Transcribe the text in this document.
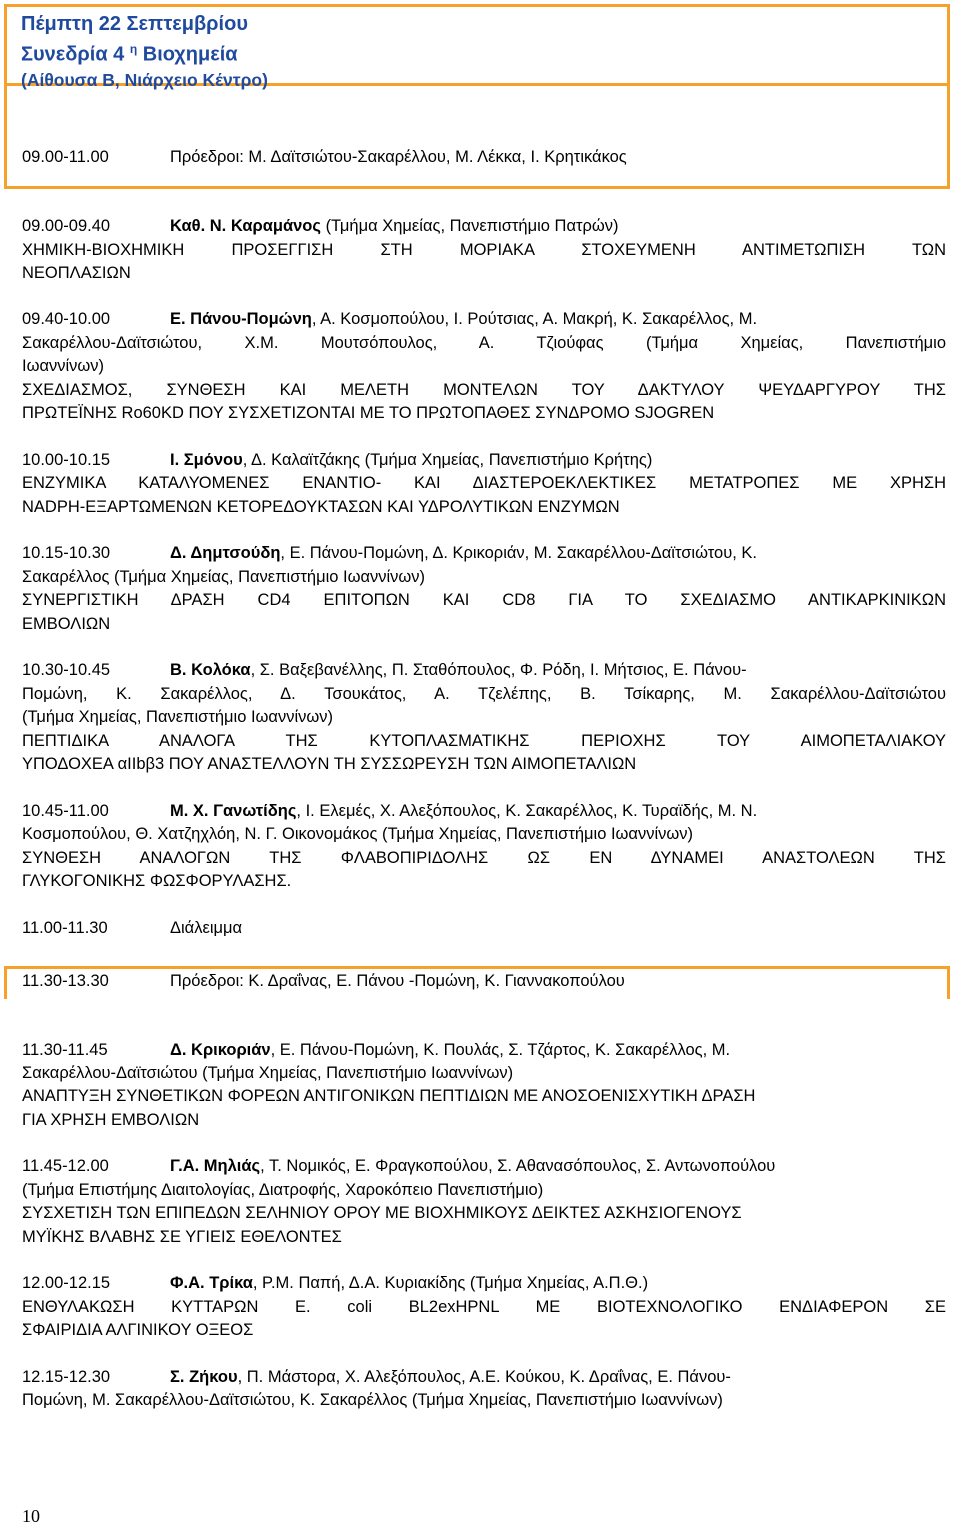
Πέμπτη 22 Σεπτεμβρίου
Συνεδρία 4 $^\eta$ Βιοχημεία
(Αίθουσα Β, Νιάρχειο Κέντρο)
09.00-11.00	Πρόεδροι: Μ. Δαϊτσιώτου-Σακαρέλλου, Μ. Λέκκα, Ι. Κρητικάκος
09.00-09.40	Καθ. Ν. Καραμάνος (Τμήμα Χημείας, Πανεπιστήμιο Πατρών)
ΧΗΜΙΚΗ-ΒΙΟΧΗΜΙΚΗ ΠΡΟΣΕΓΓΙΣΗ ΣΤΗ ΜΟΡΙΑΚΑ ΣΤΟΧΕΥΜΕΝΗ ΑΝΤΙΜΕΤΩΠΙΣΗ ΤΩΝ
ΝΕΟΠΛΑΣΙΩΝ
09.40-10.00	Ε. Πάνου-Πομώνη, Α. Κοσμοπούλου, Ι. Ρούτσιας, Α. Μακρή, Κ. Σακαρέλλος, Μ.
Σακαρέλλου-Δαϊτσιώτου, Χ.Μ. Μουτσόπουλος, Α. Τζιούφας (Τμήμα Χημείας, Πανεπιστήμιο
Ιωαννίνων)
ΣΧΕΔΙΑΣΜΟΣ, ΣΥΝΘΕΣΗ ΚΑΙ ΜΕΛΕΤΗ ΜΟΝΤΕΛΩΝ ΤΟΥ ΔΑΚΤΥΛΟΥ ΨΕΥΔΑΡΓΥΡΟΥ ΤΗΣ
ΠΡΩΤΕΪΝΗΣ Ro60KD ΠΟΥ ΣΥΣΧΕΤΙΖΟΝΤΑΙ ΜΕ ΤΟ ΠΡΩΤΟΠΑΘΕΣ ΣΥΝΔΡΟΜΟ SJOGREN
10.00-10.15	Ι. Σμόνου, Δ. Καλαϊτζάκης (Τμήμα Χημείας, Πανεπιστήμιο Κρήτης)
ΕΝΖΥΜΙΚΑ ΚΑΤΑΛΥΟΜΕΝΕΣ ΕΝΑΝΤΙΟ- ΚΑΙ ΔΙΑΣΤΕΡΟΕΚΛΕΚΤΙΚΕΣ ΜΕΤΑΤΡΟΠΕΣ ΜΕ ΧΡΗΣΗ
NADPH-ΕΞΑΡΤΩΜΕΝΩΝ ΚΕΤΟΡΕΔΟΥΚΤΑΣΩΝ ΚΑΙ ΥΔΡΟΛΥΤΙΚΩΝ ΕΝΖΥΜΩΝ
10.15-10.30	Δ. Δημτσούδη, Ε. Πάνου-Πομώνη, Δ. Κρικοριάν, Μ. Σακαρέλλου-Δαϊτσιώτου, Κ.
Σακαρέλλος (Τμήμα Χημείας, Πανεπιστήμιο Ιωαννίνων)
ΣΥΝΕΡΓΙΣΤΙΚΗ ΔΡΑΣΗ CD4 ΕΠΙΤΟΠΩΝ ΚΑΙ CD8 ΓΙΑ ΤΟ ΣΧΕΔΙΑΣΜΟ ΑΝΤΙΚΑΡΚΙΝΙΚΩΝ
ΕΜΒΟΛΙΩΝ
10.30-10.45	Β. Κολόκα, Σ. Βαξεβανέλλης, Π. Σταθόπουλος, Φ. Ρόδη, Ι. Μήτσιος, Ε. Πάνου-
Πομώνη, Κ. Σακαρέλλος, Δ. Τσουκάτος, Α. Τζελέπης, Β. Τσίκαρης, Μ. Σακαρέλλου-Δαϊτσιώτου
(Τμήμα Χημείας, Πανεπιστήμιο Ιωαννίνων)
ΠΕΠΤΙΔΙΚΑ ΑΝΑΛΟΓΑ ΤΗΣ ΚΥΤΟΠΛΑΣΜΑΤΙΚΗΣ ΠΕΡΙΟΧΗΣ ΤΟΥ ΑΙΜΟΠΕΤΑΛΙΑΚΟΥ
ΥΠΟΔΟΧΕΑ αIIbβ3 ΠΟΥ ΑΝΑΣΤΕΛΛΟΥΝ ΤΗ ΣΥΣΣΩΡΕΥΣΗ ΤΩΝ ΑΙΜΟΠΕΤΑΛΙΩΝ
10.45-11.00	Μ. Χ. Γανωτίδης, Ι. Ελεμές, Χ. Αλεξόπουλος, Κ. Σακαρέλλος, Κ. Τυραϊδής, Μ. Ν.
Κοσμοπούλου, Θ. Χατζηχλόη, Ν. Γ. Οικονομάκος (Τμήμα Χημείας, Πανεπιστήμιο Ιωαννίνων)
ΣΥΝΘΕΣΗ ΑΝΑΛΟΓΩΝ ΤΗΣ ΦΛΑΒΟΠΙΡΙΔΟΛΗΣ ΩΣ ΕΝ ΔΥΝΑΜΕΙ ΑΝΑΣΤΟΛΕΩΝ ΤΗΣ
ΓΛΥΚΟΓΟΝΙΚΗΣ ΦΩΣΦΟΡΥΛΑΣΗΣ.
11.00-11.30	Διάλειμμα
11.30-13.30	Πρόεδροι: Κ. Δραΐνας, Ε. Πάνου -Πομώνη, Κ. Γιαννακοπούλου
11.30-11.45	Δ. Κρικοριάν, Ε. Πάνου-Πομώνη, Κ. Πουλάς, Σ. Τζάρτος, Κ. Σακαρέλλος, Μ.
Σακαρέλλου-Δαϊτσιώτου (Τμήμα Χημείας, Πανεπιστήμιο Ιωαννίνων)
ΑΝΑΠΤΥΞΗ ΣΥΝΘΕΤΙΚΩΝ ΦΟΡΕΩΝ ΑΝΤΙΓΟΝΙΚΩΝ ΠΕΠΤΙΔΙΩΝ ΜΕ ΑΝΟΣΟΕΝΙΣΧΥΤΙΚΗ ΔΡΑΣΗ
ΓΙΑ ΧΡΗΣΗ ΕΜΒΟΛΙΩΝ
11.45-12.00	Γ.Α. Μηλιάς, Τ. Νομικός, Ε. Φραγκοπούλου, Σ. Αθανασόπουλος, Σ. Αντωνοπούλου
(Τμήμα Επιστήμης Διαιτολογίας, Διατροφής, Χαροκόπειο Πανεπιστήμιο)
ΣΥΣΧΕΤΙΣΗ ΤΩΝ ΕΠΙΠΕΔΩΝ ΣΕΛΗΝΙΟΥ ΟΡΟΥ ΜΕ ΒΙΟΧΗΜΙΚΟΥΣ ΔΕΙΚΤΕΣ ΑΣΚΗΣΙΟΓΕΝΟΥΣ
ΜΥΪΚΗΣ ΒΛΑΒΗΣ ΣΕ ΥΓΙΕΙΣ ΕΘΕΛΟΝΤΕΣ
12.00-12.15	Φ.Α. Τρίκα, Ρ.Μ. Παπή, Δ.Α. Κυριακίδης (Τμήμα Χημείας, Α.Π.Θ.)
ΕΝΘΥΛΑΚΩΣΗ ΚΥΤΤΑΡΩΝ E. coli BL2exHPNL ΜΕ ΒΙΟΤΕΧΝΟΛΟΓΙΚΟ ΕΝΔΙΑΦΕΡΟΝ ΣΕ
ΣΦΑΙΡΙΔΙΑ ΑΛΓΙΝΙΚΟΥ ΟΞΕΟΣ
12.15-12.30	Σ. Ζήκου, Π. Μάστορα, Χ. Αλεξόπουλος, Α.Ε. Κούκου, Κ. Δραΐνας, Ε. Πάνου-
Πομώνη, Μ. Σακαρέλλου-Δαϊτσιώτου, Κ. Σακαρέλλος (Τμήμα Χημείας, Πανεπιστήμιο Ιωαννίνων)
10
